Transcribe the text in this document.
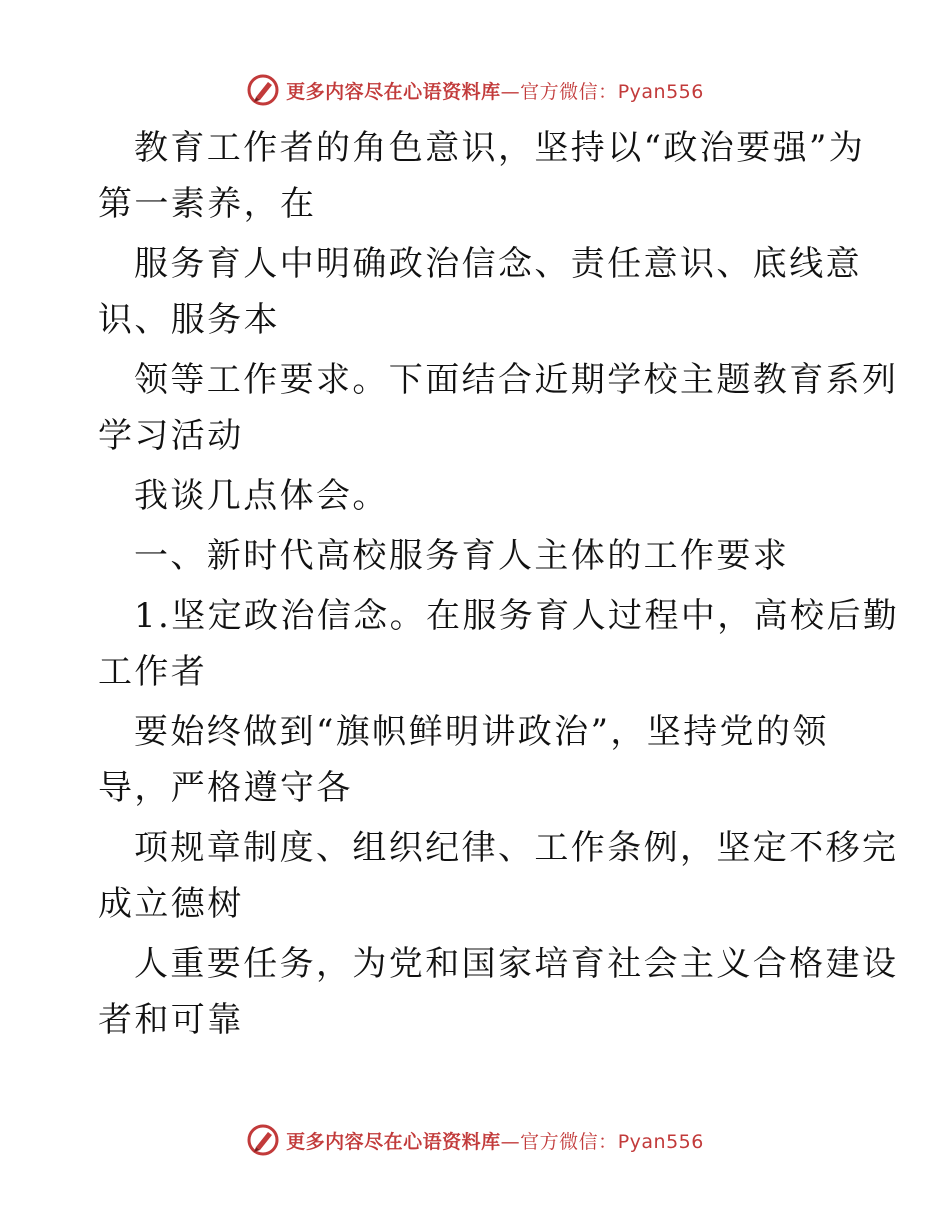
更多内容尽在心语资料库—官方微信：Pyan556
教育工作者的角色意识，坚持以“政治要强”为
第一素养，在
服务育人中明确政治信念、责任意识、底线意
识、服务本
领等工作要求。下面结合近期学校主题教育系列
学习活动
我谈几点体会。
一、新时代高校服务育人主体的工作要求
1.坚定政治信念。在服务育人过程中，高校后勤
工作者
要始终做到“旗帜鲜明讲政治”，坚持党的领
导，严格遵守各
项规章制度、组织纪律、工作条例，坚定不移完
成立德树
人重要任务，为党和国家培育社会主义合格建设
者和可靠
更多内容尽在心语资料库—官方微信：Pyan556
